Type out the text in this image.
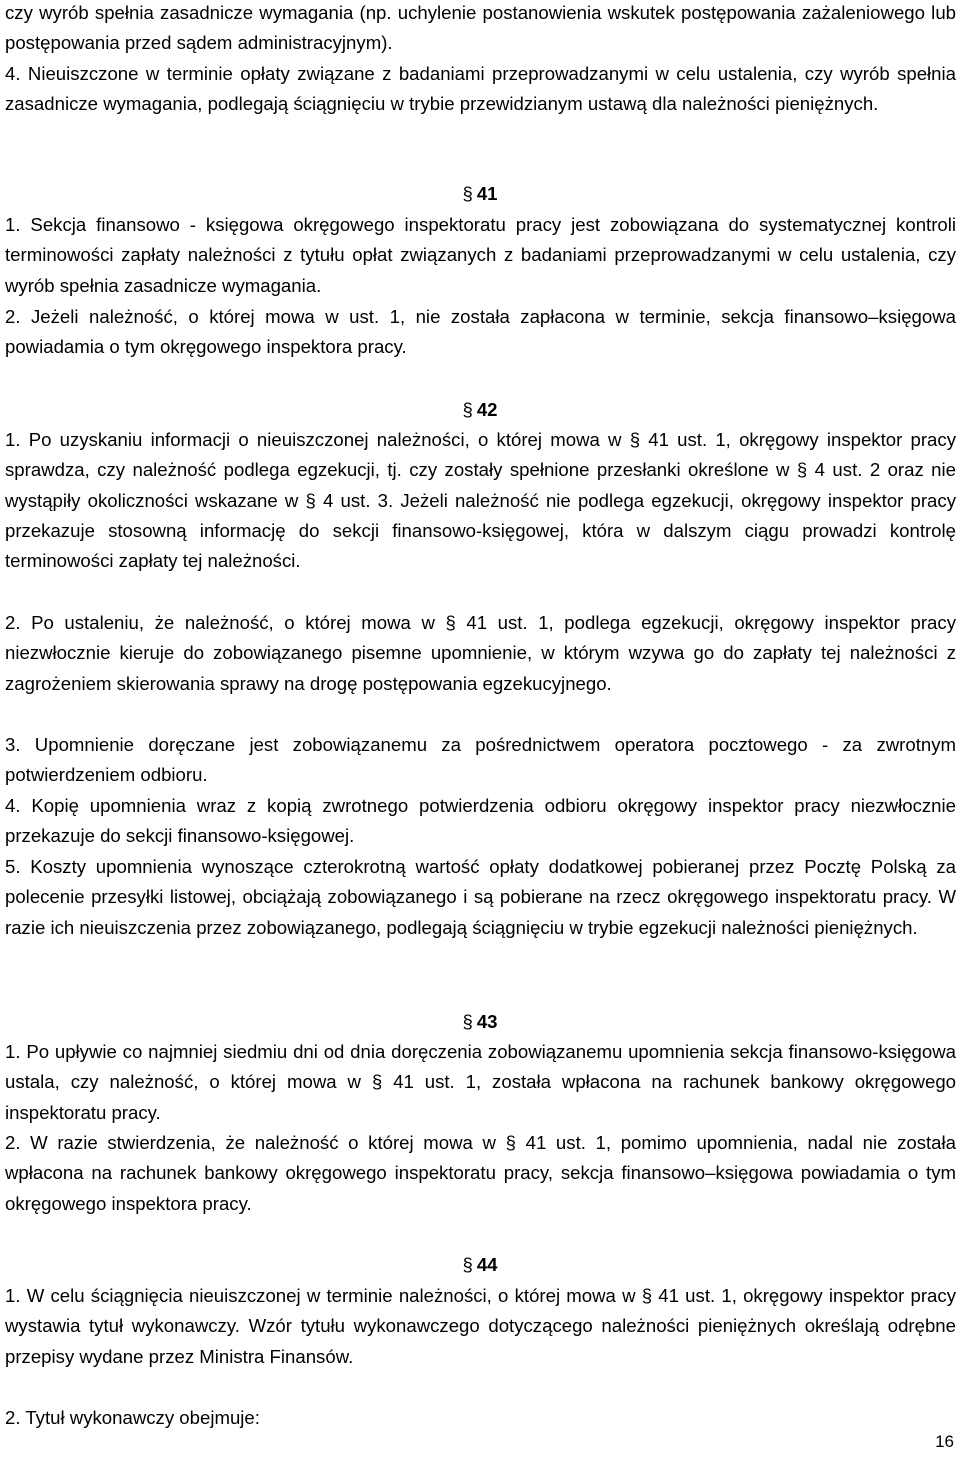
czy wyrób spełnia zasadnicze wymagania (np. uchylenie postanowienia wskutek postępowania zażaleniowego lub postępowania przed sądem administracyjnym).

4. Nieuiszczone w terminie opłaty związane z badaniami przeprowadzanymi w celu ustalenia, czy wyrób spełnia zasadnicze wymagania, podlegają ściągnięciu w trybie przewidzianym ustawą dla należności pieniężnych.

§ 41

1. Sekcja finansowo - księgowa okręgowego inspektoratu pracy jest zobowiązana do systematycznej kontroli terminowości zapłaty należności z tytułu opłat związanych z badaniami przeprowadzanymi w celu ustalenia, czy wyrób spełnia zasadnicze wymagania.

2. Jeżeli należność, o której mowa w ust. 1, nie została zapłacona w terminie, sekcja finansowo–księgowa powiadamia o tym okręgowego inspektora pracy.

§ 42

1. Po uzyskaniu informacji o nieuiszczonej należności, o której mowa w § 41 ust. 1, okręgowy inspektor pracy sprawdza, czy należność podlega egzekucji, tj. czy zostały spełnione przesłanki określone w § 4 ust. 2 oraz nie wystąpiły okoliczności wskazane w § 4 ust. 3. Jeżeli należność nie podlega egzekucji, okręgowy inspektor pracy przekazuje stosowną informację do sekcji finansowo-księgowej, która w dalszym ciągu prowadzi kontrolę terminowości zapłaty tej należności.

2. Po ustaleniu, że należność, o której mowa w § 41 ust. 1, podlega egzekucji, okręgowy inspektor pracy niezwłocznie kieruje do zobowiązanego pisemne upomnienie, w którym wzywa go do zapłaty tej należności z zagrożeniem skierowania sprawy na drogę postępowania egzekucyjnego.

3. Upomnienie doręczane jest zobowiązanemu za pośrednictwem operatora pocztowego - za zwrotnym potwierdzeniem odbioru.

4. Kopię upomnienia wraz z kopią zwrotnego potwierdzenia odbioru okręgowy inspektor pracy niezwłocznie przekazuje do sekcji finansowo-księgowej.

5. Koszty upomnienia wynoszące czterokrotną wartość opłaty dodatkowej pobieranej przez Pocztę Polską za polecenie przesyłki listowej, obciążają zobowiązanego i są pobierane na rzecz okręgowego inspektoratu pracy. W razie ich nieuiszczenia przez zobowiązanego, podlegają ściągnięciu w trybie egzekucji należności pieniężnych.

§ 43

1. Po upływie co najmniej siedmiu dni od dnia doręczenia zobowiązanemu upomnienia sekcja finansowo-księgowa ustala, czy należność, o której mowa w § 41 ust. 1, została wpłacona na rachunek bankowy okręgowego inspektoratu pracy.

2. W razie stwierdzenia, że należność o której mowa w § 41 ust. 1, pomimo upomnienia, nadal nie została wpłacona na rachunek bankowy okręgowego inspektoratu pracy, sekcja finansowo–księgowa powiadamia o tym okręgowego inspektora pracy.

§ 44

1. W celu ściągnięcia nieuiszczonej w terminie należności, o której mowa w § 41 ust. 1, okręgowy inspektor pracy wystawia tytuł wykonawczy. Wzór tytułu wykonawczego dotyczącego należności pieniężnych określają odrębne przepisy wydane przez Ministra Finansów.

2. Tytuł wykonawczy obejmuje:

16
